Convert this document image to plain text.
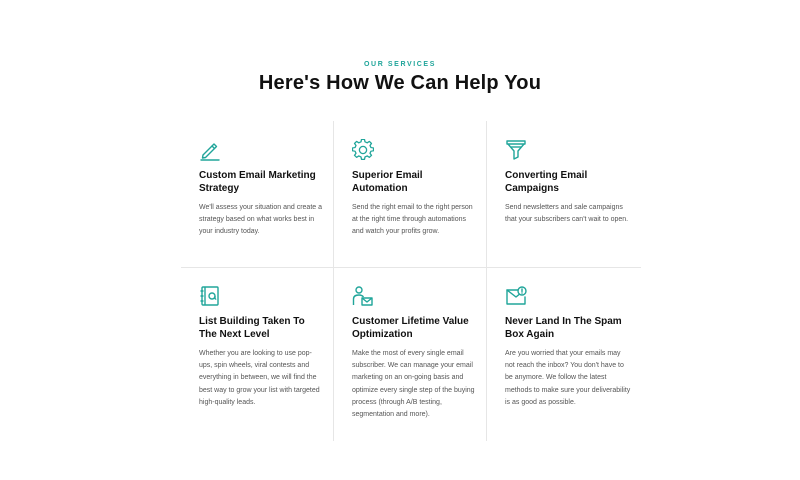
OUR SERVICES
Here's How We Can Help You
Custom Email Marketing Strategy

We'll assess your situation and create a strategy based on what works best in your industry today.

Superior Email Automation

Send the right email to the right person at the right time through automations and watch your profits grow.

Converting Email Campaigns

Send newsletters and sale campaigns that your subscribers can't wait to open.

List Building Taken To The Next Level

Whether you are looking to use pop-ups, spin wheels, viral contests and everything in between, we will find the best way to grow your list with targeted high-quality leads.

Customer Lifetime Value Optimization

Make the most of every single email subscriber. We can manage your email marketing on an on-going basis and optimize every single step of the buying process (through A/B testing, segmentation and more).

Never Land In The Spam Box Again

Are you worried that your emails may not reach the inbox? You don't have to be anymore. We follow the latest methods to make sure your deliverability is as good as possible.
